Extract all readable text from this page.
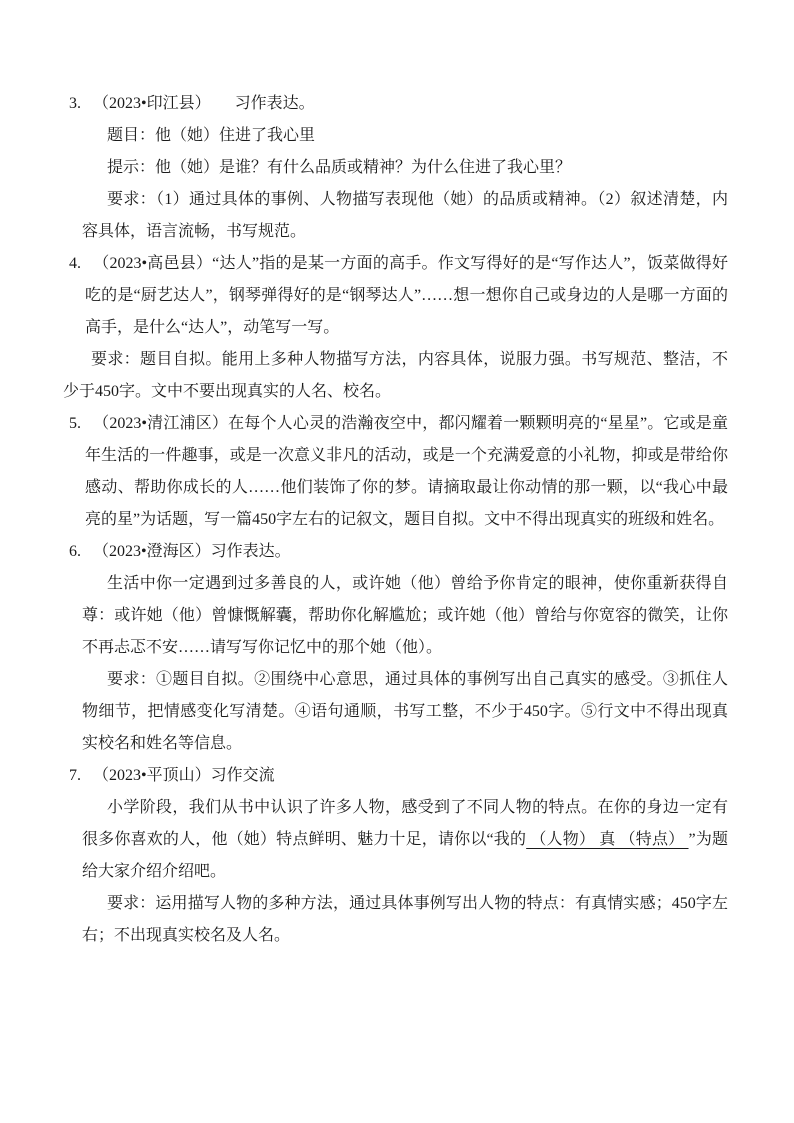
3. （2023•印江县）　　习作表达。
题目：他（她）住进了我心里
提示：他（她）是谁？有什么品质或精神？为什么住进了我心里？
要求：（1）通过具体的事例、人物描写表现他（她）的品质或精神。（2）叙述清楚，内容具体，语言流畅，书写规范。
4. （2023•高邑县）“达人”指的是某一方面的高手。作文写得好的是“写作达人”，饭菜做得好吃的是“厨艺达人”，钢琴弹得好的是“钢琴达人”……想一想你自己或身边的人是哪一方面的高手，是什么“达人”，动笔写一写。
要求：题目自拟。能用上多种人物描写方法，内容具体，说服力强。书写规范、整洁，不少于450字。文中不要出现真实的人名、校名。
5. （2023•清江浦区）在每个人心灵的浩瀚夜空中，都闪耀着一颗颗明亮的“星星”。它或是童年生活的一件趣事，或是一次意义非凡的活动，或是一个充满爱意的小礼物，抑或是带给你感动、帮助你成长的人……他们装饰了你的梦。请摘取最让你动情的那一颗，以“我心中最亮的星”为话题，写一篇450字左右的记叙文，题目自拟。文中不得出现真实的班级和姓名。
6. （2023•澄海区）习作表达。
生活中你一定遇到过多善良的人，或许她（他）曾给予你肯定的眼神，使你重新获得自尊：或许她（他）曾慷慨解囊，帮助你化解尴尬；或许她（他）曾给与你宽容的微笑，让你不再忐忑不安……请写写你记忆中的那个她（他）。
要求：①题目自拟。②围绕中心意思，通过具体的事例写出自己真实的感受。③抓住人物细节，把情感变化写清楚。④语句通顺，书写工整，不少于450字。⑤行文中不得出现真实校名和姓名等信息。
7. （2023•平顶山）习作交流
小学阶段，我们从书中认识了许多人物，感受到了不同人物的特点。在你的身边一定有很多你喜欢的人，他（她）特点鲜明、魅力十足，请你以“我的 （人物） 真 （特点） ”为题给大家介绍介绍吧。
要求：运用描写人物的多种方法，通过具体事例写出人物的特点：有真情实感；450字左右；不出现真实校名及人名。
